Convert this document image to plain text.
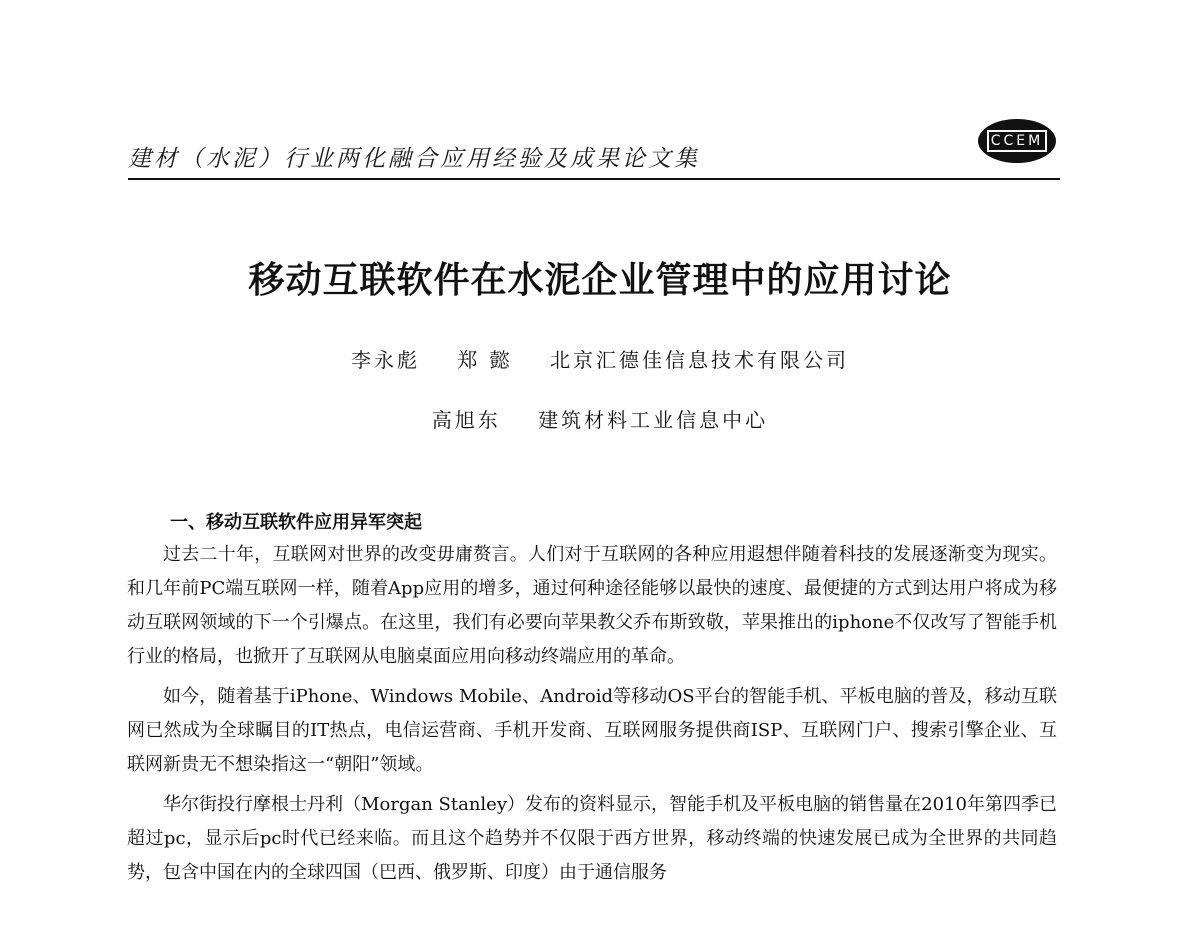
建材（水泥）行业两化融合应用经验及成果论文集
CCEM
移动互联软件在水泥企业管理中的应用讨论
李永彪 郑 懿 北京汇德佳信息技术有限公司
高旭东 建筑材料工业信息中心
一、移动互联软件应用异军突起

过去二十年，互联网对世界的改变毋庸赘言。人们对于互联网的各种应用遐想伴随着科技的发展逐渐变为现实。和几年前PC端互联网一样，随着App应用的增多，通过何种途径能够以最快的速度、最便捷的方式到达用户将成为移动互联网领域的下一个引爆点。在这里，我们有必要向苹果教父乔布斯致敬，苹果推出的iphone不仅改写了智能手机行业的格局，也掀开了互联网从电脑桌面应用向移动终端应用的革命。

如今，随着基于iPhone、Windows Mobile、Android等移动OS平台的智能手机、平板电脑的普及，移动互联网已然成为全球瞩目的IT热点，电信运营商、手机开发商、互联网服务提供商ISP、互联网门户、搜索引擎企业、互联网新贵无不想染指这一“朝阳”领域。

华尔街投行摩根士丹利（Morgan Stanley）发布的资料显示，智能手机及平板电脑的销售量在2010年第四季已超过pc，显示后pc时代已经来临。而且这个趋势并不仅限于西方世界，移动终端的快速发展已成为全世界的共同趋势，包含中国在内的全球四国（巴西、俄罗斯、印度）由于通信服务
